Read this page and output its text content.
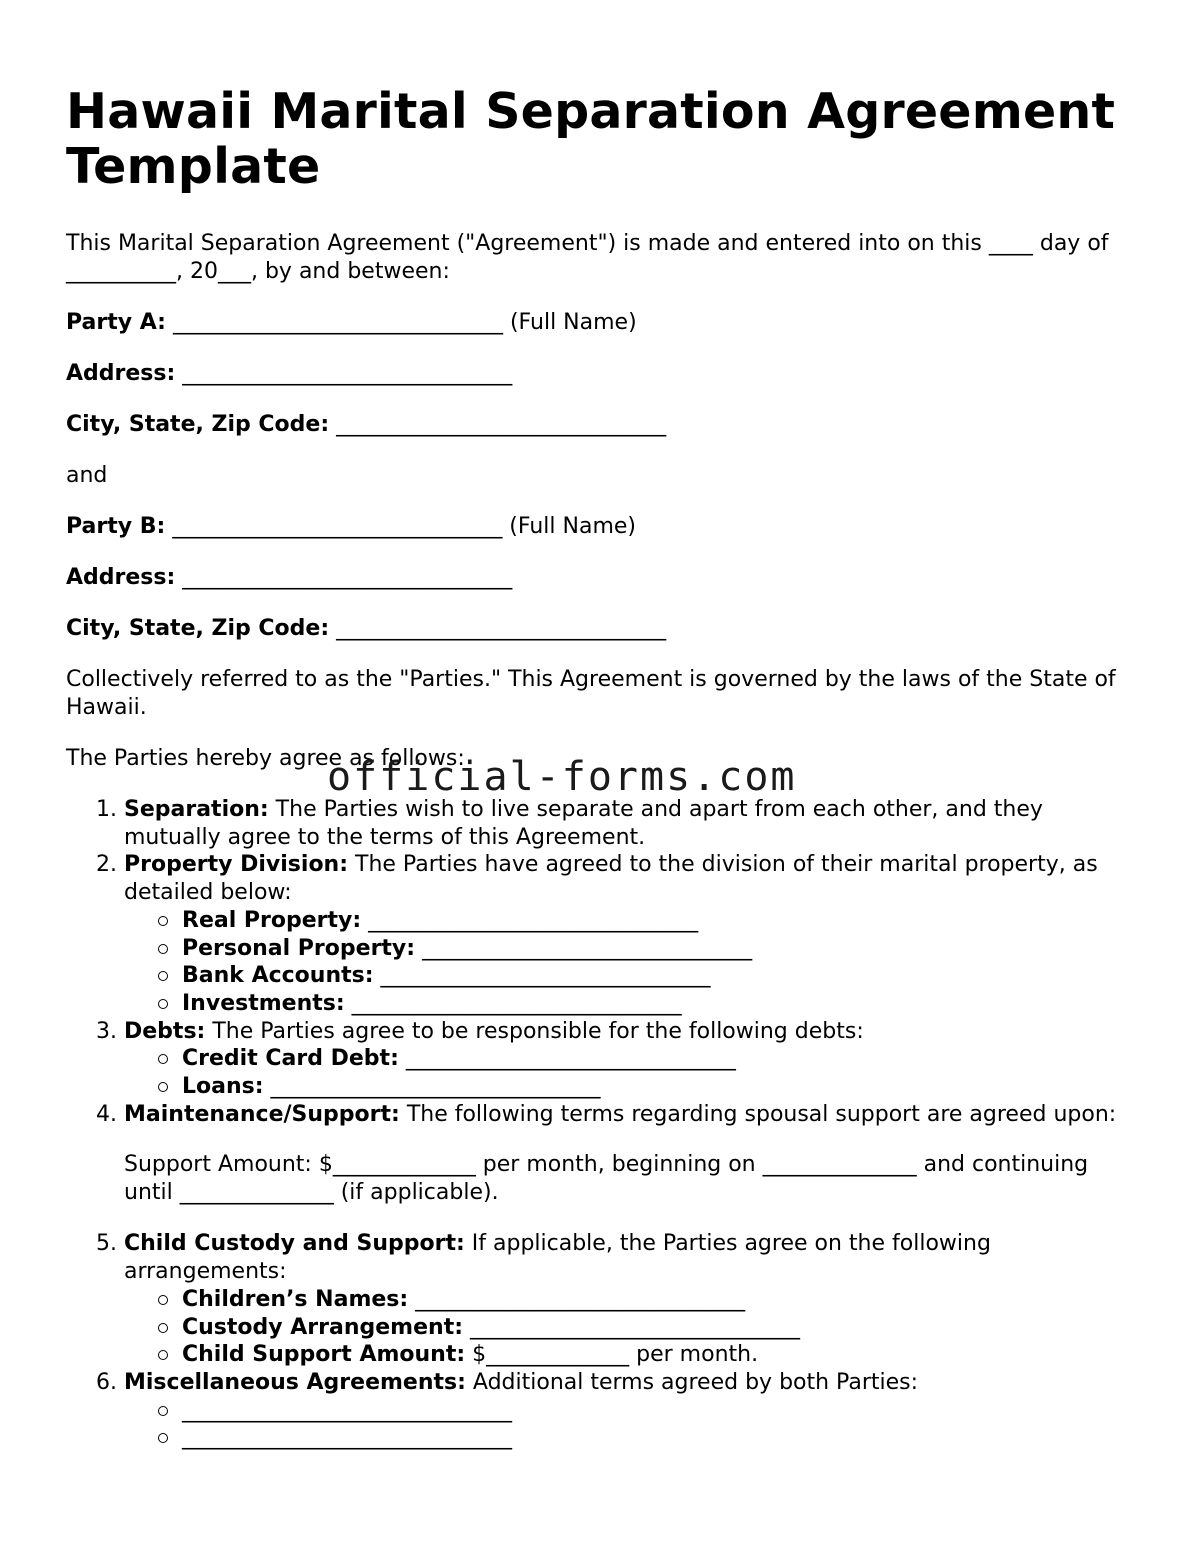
Hawaii Marital Separation Agreement Template

This Marital Separation Agreement ("Agreement") is made and entered into on this ____ day of __________, 20___, by and between:

Party A: ______________________________ (Full Name)

Address: ______________________________

City, State, Zip Code: ______________________________

and

Party B: ______________________________ (Full Name)

Address: ______________________________

City, State, Zip Code: ______________________________

Collectively referred to as the "Parties." This Agreement is governed by the laws of the State of Hawaii.

The Parties hereby agree as follows:

1. Separation: The Parties wish to live separate and apart from each other, and they mutually agree to the terms of this Agreement.
2. Property Division: The Parties have agreed to the division of their marital property, as detailed below:
Real Property: ______________________________
Personal Property: ______________________________
Bank Accounts: ______________________________
Investments: ______________________________
3. Debts: The Parties agree to be responsible for the following debts:
Credit Card Debt: ______________________________
Loans: ______________________________
4. Maintenance/Support: The following terms regarding spousal support are agreed upon:

Support Amount: $_____________ per month, beginning on ______________ and continuing until ______________ (if applicable).

5. Child Custody and Support: If applicable, the Parties agree on the following arrangements:
Children’s Names: ______________________________
Custody Arrangement: ______________________________
Child Support Amount: $_____________ per month.
6. Miscellaneous Agreements: Additional terms agreed by both Parties:
______________________________
______________________________
official-forms.com
